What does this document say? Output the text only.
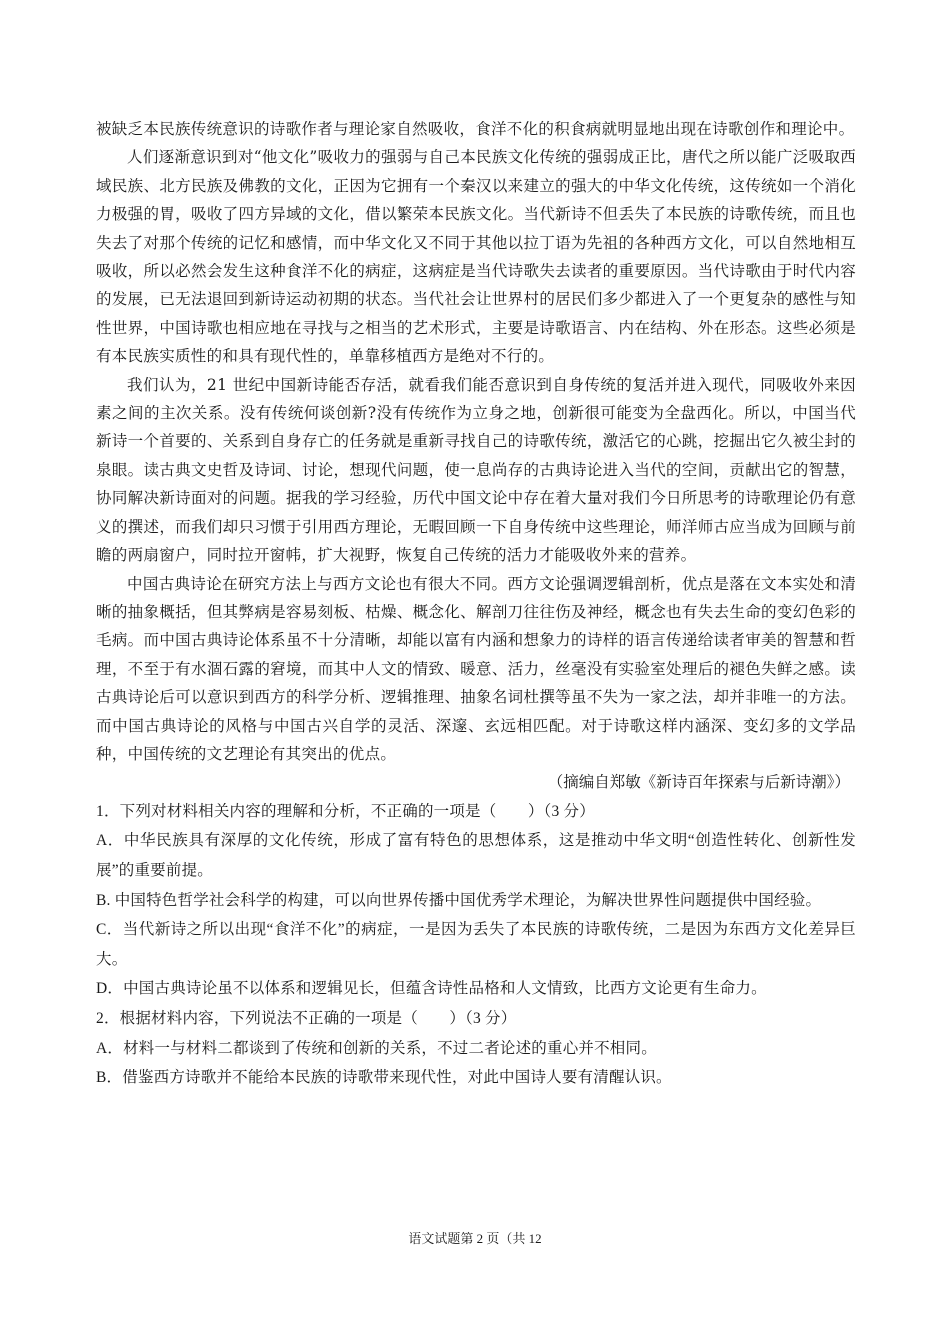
被缺乏本民族传统意识的诗歌作者与理论家自然吸收，食洋不化的积食病就明显地出现在诗歌创作和理论中。

人们逐渐意识到对“他文化”吸收力的强弱与自己本民族文化传统的强弱成正比，唐代之所以能广泛吸取西域民族、北方民族及佛教的文化，正因为它拥有一个秦汉以来建立的强大的中华文化传统，这传统如一个消化力极强的胃，吸收了四方异域的文化，借以繁荣本民族文化。当代新诗不但丢失了本民族的诗歌传统，而且也失去了对那个传统的记忆和感情，而中华文化又不同于其他以拉丁语为先祖的各种西方文化，可以自然地相互吸收，所以必然会发生这种食洋不化的病症，这病症是当代诗歌失去读者的重要原因。当代诗歌由于时代内容的发展，已无法退回到新诗运动初期的状态。当代社会让世界村的居民们多少都进入了一个更复杂的感性与知性世界，中国诗歌也相应地在寻找与之相当的艺术形式，主要是诗歌语言、内在结构、外在形态。这些必须是有本民族实质性的和具有现代性的，单靠移植西方是绝对不行的。

我们认为，21 世纪中国新诗能否存活，就看我们能否意识到自身传统的复活并进入现代，同吸收外来因素之间的主次关系。没有传统何谈创新?没有传统作为立身之地，创新很可能变为全盘西化。所以，中国当代新诗一个首要的、关系到自身存亡的任务就是重新寻找自己的诗歌传统，激活它的心跳，挖掘出它久被尘封的泉眼。读古典文史哲及诗词、讨论，想现代问题，使一息尚存的古典诗论进入当代的空间，贡献出它的智慧，协同解决新诗面对的问题。据我的学习经验，历代中国文论中存在着大量对我们今日所思考的诗歌理论仍有意义的撰述，而我们却只习惯于引用西方理论，无暇回顾一下自身传统中这些理论，师洋师古应当成为回顾与前瞻的两扇窗户，同时拉开窗帏，扩大视野，恢复自己传统的活力才能吸收外来的营养。

中国古典诗论在研究方法上与西方文论也有很大不同。西方文论强调逻辑剖析，优点是落在文本实处和清晰的抽象概括，但其弊病是容易刻板、枯燥、概念化、解剖刀往往伤及神经，概念也有失去生命的变幻色彩的毛病。而中国古典诗论体系虽不十分清晰，却能以富有内涵和想象力的诗样的语言传递给读者审美的智慧和哲理，不至于有水涸石露的窘境，而其中人文的情致、暖意、活力，丝毫没有实验室处理后的褪色失鲜之感。读古典诗论后可以意识到西方的科学分析、逻辑推理、抽象名词杜撰等虽不失为一家之法，却并非唯一的方法。而中国古典诗论的风格与中国古兴自学的灵活、深邃、玄远相匹配。对于诗歌这样内涵深、变幻多的文学品种，中国传统的文艺理论有其突出的优点。

（摘编自郑敏《新诗百年探索与后新诗潮》）

1．下列对材料相关内容的理解和分析，不正确的一项是（　　）（3 分）

A．中华民族具有深厚的文化传统，形成了富有特色的思想体系，这是推动中华文明“创造性转化、创新性发展”的重要前提。

B. 中国特色哲学社会科学的构建，可以向世界传播中国优秀学术理论，为解决世界性问题提供中国经验。

C．当代新诗之所以出现“食洋不化”的病症，一是因为丢失了本民族的诗歌传统，二是因为东西方文化差异巨大。

D．中国古典诗论虽不以体系和逻辑见长，但蕴含诗性品格和人文情致，比西方文论更有生命力。

2．根据材料内容，下列说法不正确的一项是（　　）（3 分）

A．材料一与材料二都谈到了传统和创新的关系，不过二者论述的重心并不相同。

B．借鉴西方诗歌并不能给本民族的诗歌带来现代性，对此中国诗人要有清醒认识。

语文试题第 2 页（共 12
